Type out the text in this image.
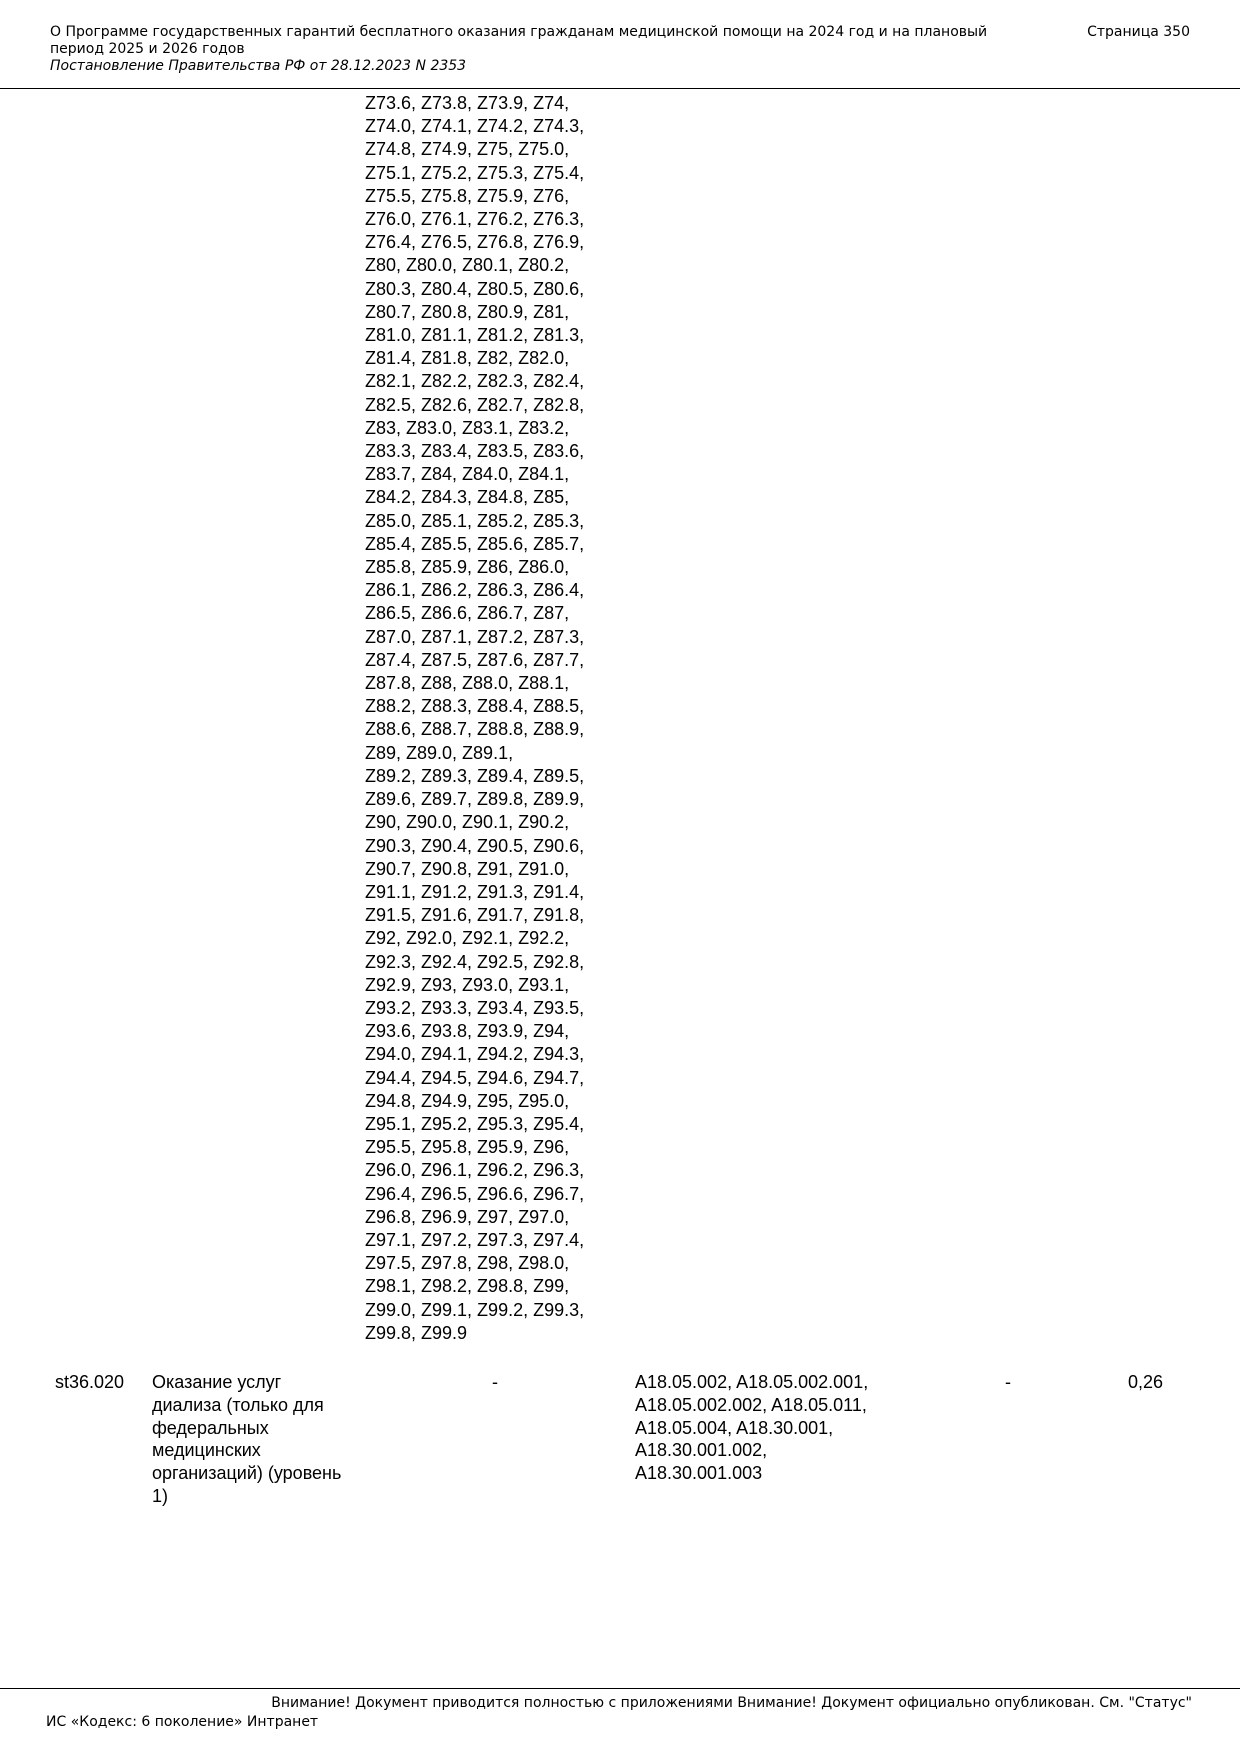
О Программе государственных гарантий бесплатного оказания гражданам медицинской помощи на 2024 год и на плановый период 2025 и 2026 годов
Постановление Правительства РФ от 28.12.2023 N 2353
Страница 350
Z73.6, Z73.8, Z73.9, Z74,
Z74.0, Z74.1, Z74.2, Z74.3,
Z74.8, Z74.9, Z75, Z75.0,
Z75.1, Z75.2, Z75.3, Z75.4,
Z75.5, Z75.8, Z75.9, Z76,
Z76.0, Z76.1, Z76.2, Z76.3,
Z76.4, Z76.5, Z76.8, Z76.9,
Z80, Z80.0, Z80.1, Z80.2,
Z80.3, Z80.4, Z80.5, Z80.6,
Z80.7, Z80.8, Z80.9, Z81,
Z81.0, Z81.1, Z81.2, Z81.3,
Z81.4, Z81.8, Z82, Z82.0,
Z82.1, Z82.2, Z82.3, Z82.4,
Z82.5, Z82.6, Z82.7, Z82.8,
Z83, Z83.0, Z83.1, Z83.2,
Z83.3, Z83.4, Z83.5, Z83.6,
Z83.7, Z84, Z84.0, Z84.1,
Z84.2, Z84.3, Z84.8, Z85,
Z85.0, Z85.1, Z85.2, Z85.3,
Z85.4, Z85.5, Z85.6, Z85.7,
Z85.8, Z85.9, Z86, Z86.0,
Z86.1, Z86.2, Z86.3, Z86.4,
Z86.5, Z86.6, Z86.7, Z87,
Z87.0, Z87.1, Z87.2, Z87.3,
Z87.4, Z87.5, Z87.6, Z87.7,
Z87.8, Z88, Z88.0, Z88.1,
Z88.2, Z88.3, Z88.4, Z88.5,
Z88.6, Z88.7, Z88.8, Z88.9,
Z89, Z89.0, Z89.1,
Z89.2, Z89.3, Z89.4, Z89.5,
Z89.6, Z89.7, Z89.8, Z89.9,
Z90, Z90.0, Z90.1, Z90.2,
Z90.3, Z90.4, Z90.5, Z90.6,
Z90.7, Z90.8, Z91, Z91.0,
Z91.1, Z91.2, Z91.3, Z91.4,
Z91.5, Z91.6, Z91.7, Z91.8,
Z92, Z92.0, Z92.1, Z92.2,
Z92.3, Z92.4, Z92.5, Z92.8,
Z92.9, Z93, Z93.0, Z93.1,
Z93.2, Z93.3, Z93.4, Z93.5,
Z93.6, Z93.8, Z93.9, Z94,
Z94.0, Z94.1, Z94.2, Z94.3,
Z94.4, Z94.5, Z94.6, Z94.7,
Z94.8, Z94.9, Z95, Z95.0,
Z95.1, Z95.2, Z95.3, Z95.4,
Z95.5, Z95.8, Z95.9, Z96,
Z96.0, Z96.1, Z96.2, Z96.3,
Z96.4, Z96.5, Z96.6, Z96.7,
Z96.8, Z96.9, Z97, Z97.0,
Z97.1, Z97.2, Z97.3, Z97.4,
Z97.5, Z97.8, Z98, Z98.0,
Z98.1, Z98.2, Z98.8, Z99,
Z99.0, Z99.1, Z99.2, Z99.3,
Z99.8, Z99.9
st36.020 Оказание услуг
диализа (только для
федеральных
медицинских
организаций) (уровень
1)
-	A18.05.002, A18.05.002.001,
A18.05.002.002, A18.05.011,
A18.05.004, A18.30.001,
A18.30.001.002,
A18.30.001.003
-	0,26
Внимание! Документ приводится полностью с приложениями Внимание! Документ официально опубликован. См. "Статус"
ИС «Кодекс: 6 поколение» Интранет
